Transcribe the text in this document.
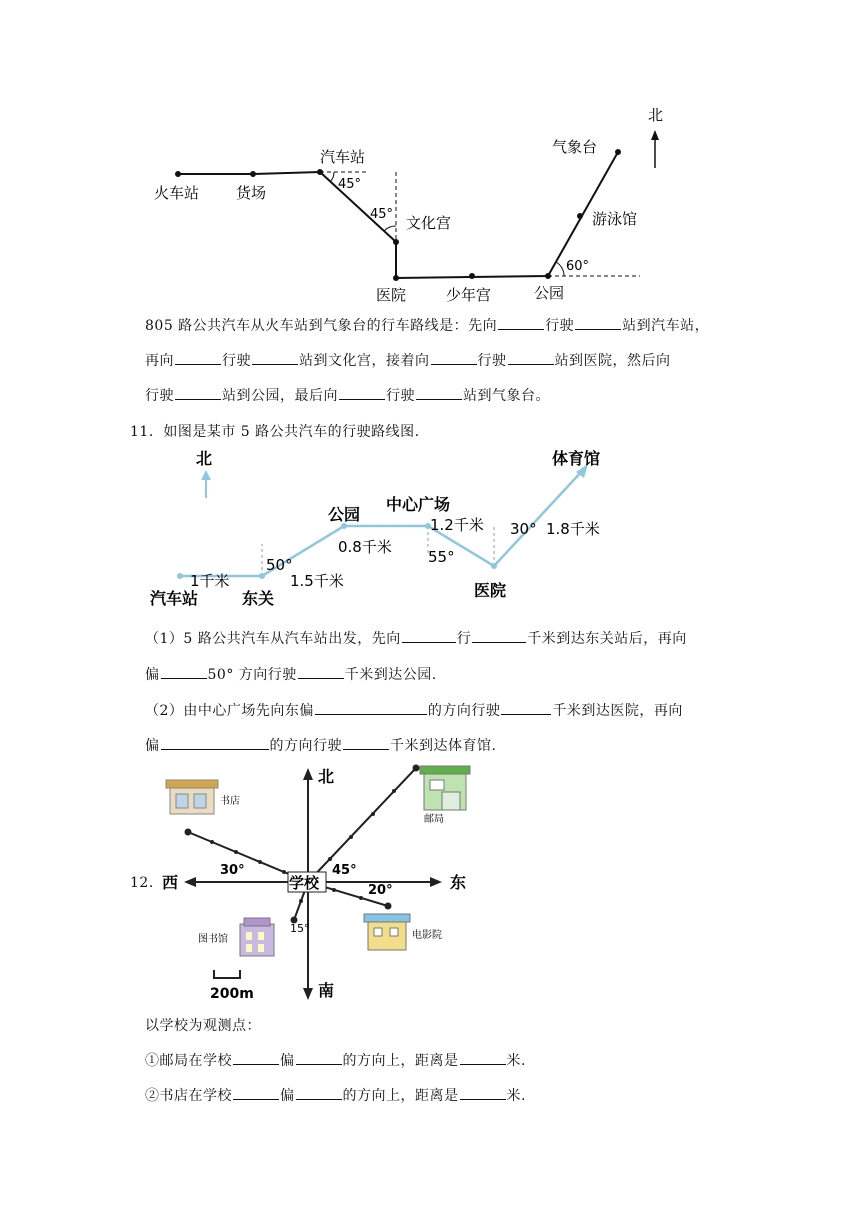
北
火车站 货场
汽车站
文化宫
医院	少年宫	公园
游泳馆
气象台
45°
45°
60°
805 路公共汽车从火车站到气象台的行车路线是：先向	行驶	站到汽车站，
再向	行驶	站到文化宫，接着向	行驶	站到医院，然后向
行驶	站到公园，最后向	行驶	站到气象台。
11．如图是某市 5 路公共汽车的行驶路线图.
北
汽车站	东关
公园
中心广场
医院
体育馆
1千米	1.5千米
0.8千米
1.2千米	1.8千米
50°	55°
30°
（1）5 路公共汽车从汽车站出发，先向	行	千米到达东关站后，再向
偏	50° 方向行驶	千米到达公园.
（2）由中心广场先向东偏	的方向行驶	千米到达医院，再向
偏	的方向行驶	千米到达体育馆.
12.
北
南
西	东
学校
30°	45°
20°
15°
书店
邮局
图书馆	电影院
200m
以学校为观测点：
①邮局在学校	偏	的方向上，距离是	米.
②书店在学校	偏	的方向上，距离是	米.
